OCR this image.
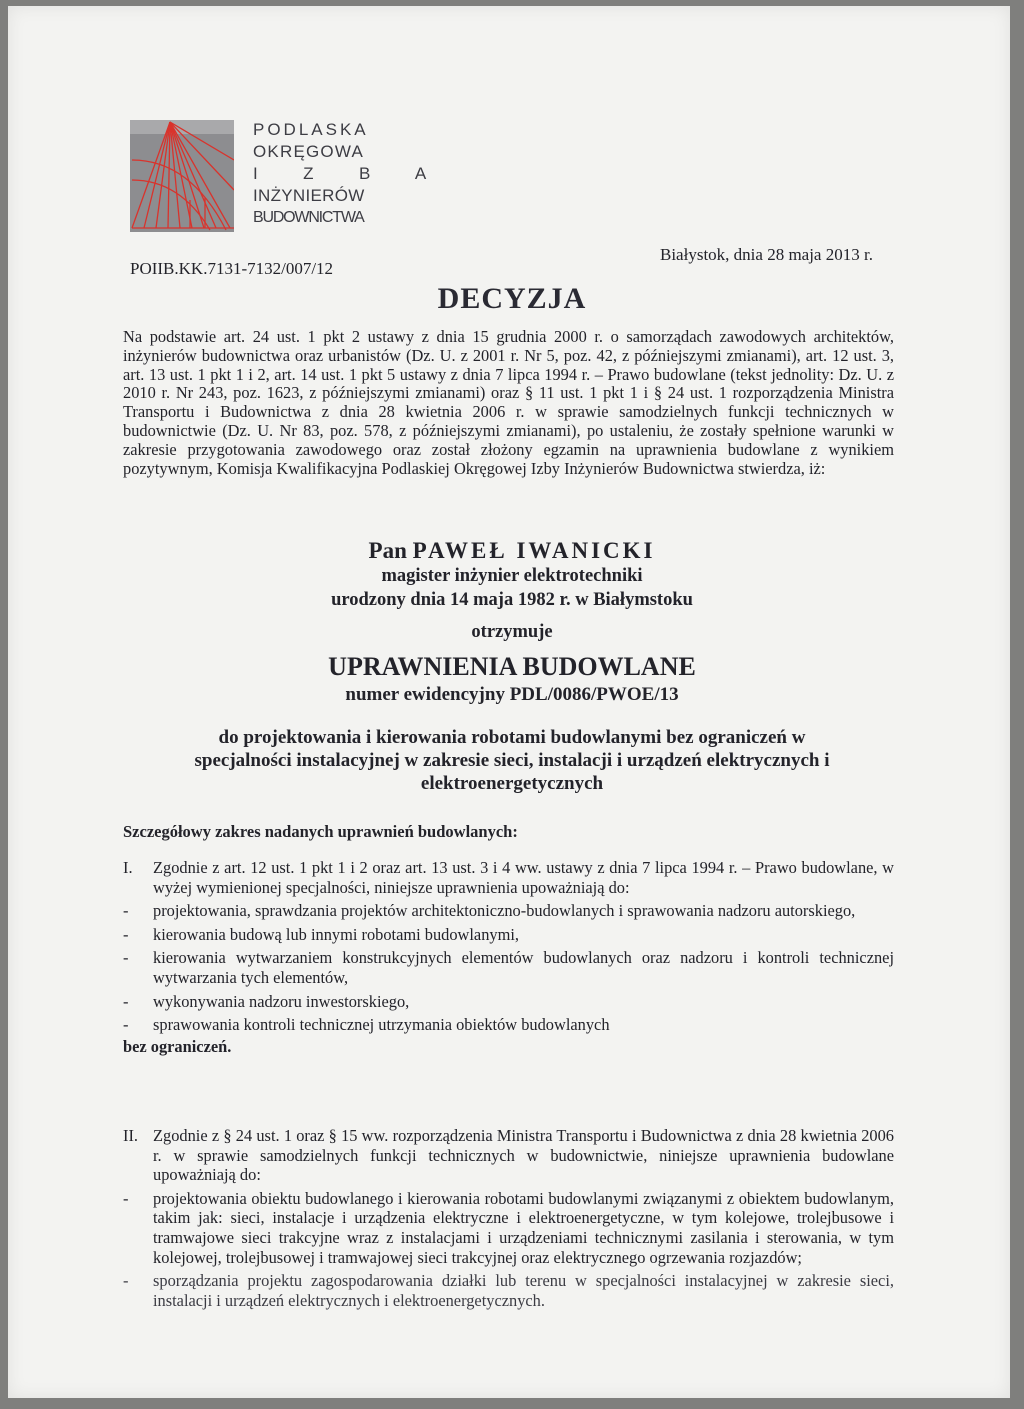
PODLASKA
OKRĘGOWA
I  Z  B  A
INŻYNIERÓW
BUDOWNICTWA
POIIB.KK.7131-7132/007/12
Białystok, dnia 28 maja 2013 r.
DECYZJA
Na podstawie art. 24 ust. 1 pkt 2 ustawy z dnia 15 grudnia 2000 r. o samorządach zawodowych architektów, inżynierów budownictwa oraz urbanistów (Dz. U. z 2001 r. Nr 5, poz. 42, z późniejszymi zmianami), art. 12 ust. 3, art. 13 ust. 1 pkt 1 i 2, art. 14 ust. 1 pkt 5 ustawy z dnia 7 lipca 1994 r. – Prawo budowlane (tekst jednolity: Dz. U. z 2010 r. Nr 243, poz. 1623, z późniejszymi zmianami) oraz § 11 ust. 1 pkt 1 i § 24 ust. 1 rozporządzenia Ministra Transportu i Budownictwa z dnia 28 kwietnia 2006 r. w sprawie samodzielnych funkcji technicznych w budownictwie (Dz. U. Nr 83, poz. 578, z późniejszymi zmianami), po ustaleniu, że zostały spełnione warunki w zakresie przygotowania zawodowego oraz został złożony egzamin na uprawnienia budowlane z wynikiem pozytywnym, Komisja Kwalifikacyjna Podlaskiej Okręgowej Izby Inżynierów Budownictwa stwierdza, iż:
Pan PAWEŁ IWANICKI
magister inżynier elektrotechniki
urodzony dnia 14 maja 1982 r. w Białymstoku
otrzymuje
UPRAWNIENIA BUDOWLANE
numer ewidencyjny PDL/0086/PWOE/13
do projektowania i kierowania robotami budowlanymi bez ograniczeń w specjalności instalacyjnej w zakresie sieci, instalacji i urządzeń elektrycznych i elektroenergetycznych
Szczegółowy zakres nadanych uprawnień budowlanych:
I. Zgodnie z art. 12 ust. 1 pkt 1 i 2 oraz art. 13 ust. 3 i 4 ww. ustawy z dnia 7 lipca 1994 r. – Prawo budowlane, w wyżej wymienionej specjalności, niniejsze uprawnienia upoważniają do:
- projektowania, sprawdzania projektów architektoniczno-budowlanych i sprawowania nadzoru autorskiego,
- kierowania budową lub innymi robotami budowlanymi,
- kierowania wytwarzaniem konstrukcyjnych elementów budowlanych oraz nadzoru i kontroli technicznej wytwarzania tych elementów,
- wykonywania nadzoru inwestorskiego,
- sprawowania kontroli technicznej utrzymania obiektów budowlanych
bez ograniczeń.
II. Zgodnie z § 24 ust. 1 oraz § 15 ww. rozporządzenia Ministra Transportu i Budownictwa z dnia 28 kwietnia 2006 r. w sprawie samodzielnych funkcji technicznych w budownictwie, niniejsze uprawnienia budowlane upoważniają do:
- projektowania obiektu budowlanego i kierowania robotami budowlanymi związanymi z obiektem budowlanym, takim jak: sieci, instalacje i urządzenia elektryczne i elektroenergetyczne, w tym kolejowe, trolejbusowe i tramwajowe sieci trakcyjne wraz z instalacjami i urządzeniami technicznymi zasilania i sterowania, w tym kolejowej, trolejbusowej i tramwajowej sieci trakcyjnej oraz elektrycznego ogrzewania rozjazdów;
- sporządzania projektu zagospodarowania działki lub terenu w specjalności instalacyjnej w zakresie sieci, instalacji i urządzeń elektrycznych i elektroenergetycznych.
